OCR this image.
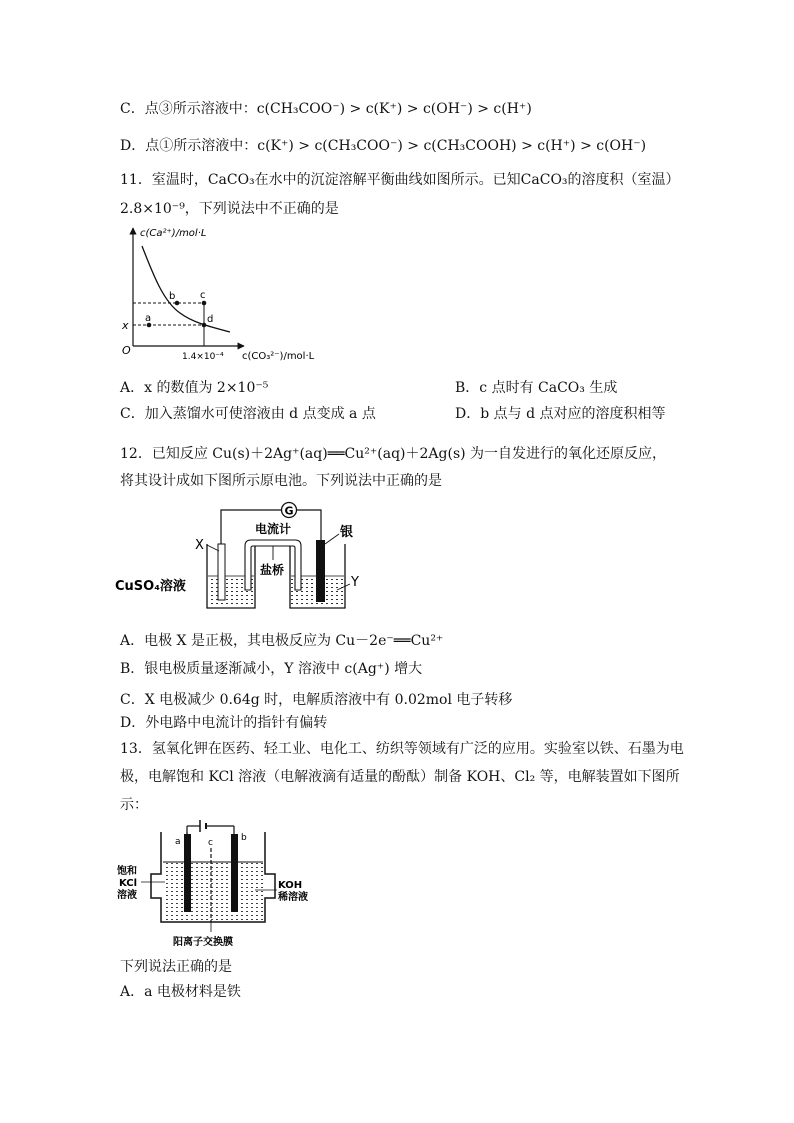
C．点③所示溶液中：c(CH₃COO⁻) > c(K⁺) > c(OH⁻) > c(H⁺)
D．点①所示溶液中：c(K⁺) > c(CH₃COO⁻) > c(CH₃COOH) > c(H⁺) > c(OH⁻)
11．室温时，CaCO₃在水中的沉淀溶解平衡曲线如图所示。已知CaCO₃的溶度积（室温）
2.8×10⁻⁹，下列说法中不正确的是
c(Ca²⁺)/mol·L
c(CO₃²⁻)/mol·L
O	1.4×10⁻⁴
x
a
b c
d
A．x 的数值为 2×10⁻⁵	B．c 点时有 CaCO₃ 生成
C．加入蒸馏水可使溶液由 d 点变成 a 点	D．b 点与 d 点对应的溶度积相等
12．已知反应 Cu(s)＋2Ag⁺(aq)══Cu²⁺(aq)＋2Ag(s) 为一自发进行的氧化还原反应，
将其设计成如下图所示原电池。下列说法中正确的是
G
电流计
盐桥
X
银
CuSO₄溶液	Y
A．电极 X 是正极，其电极反应为 Cu－2e⁻══Cu²⁺
B．银电极质量逐渐减小，Y 溶液中 c(Ag⁺) 增大
C．X 电极减少 0.64g 时，电解质溶液中有 0.02mol 电子转移
D．外电路中电流计的指针有偏转
13．氢氧化钾在医药、轻工业、电化工、纺织等领域有广泛的应用。实验室以铁、石墨为电
极，电解饱和 KCl 溶液（电解液滴有适量的酚酞）制备 KOH、Cl₂ 等，电解装置如下图所
示：
a	b
c
饱和
KCl
溶液
KOH
稀溶液
阳离子交换膜
下列说法正确的是
A．a 电极材料是铁
